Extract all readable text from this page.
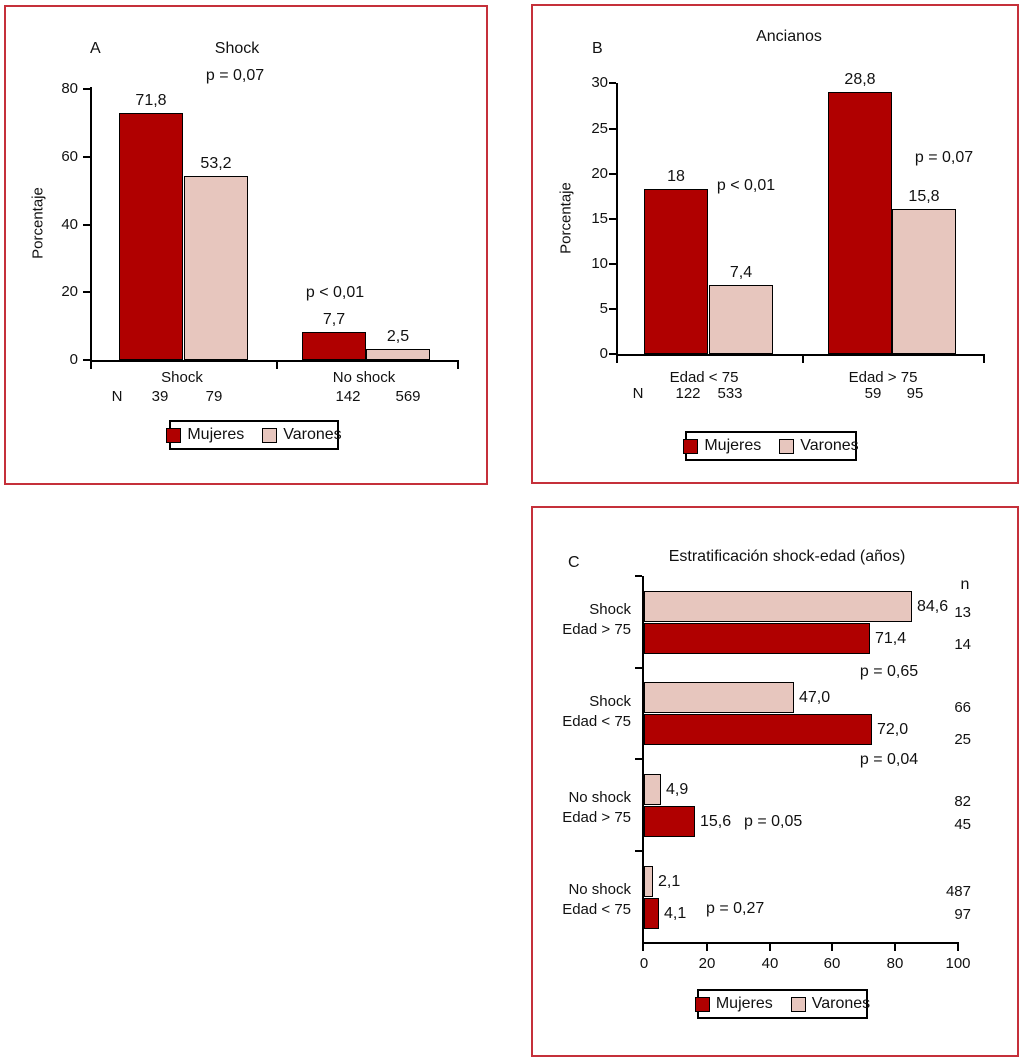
A	Shock
p = 0,07
Porcentaje
80
60
40
20
0
71,8
53,2
7,7
2,5
p < 0,01
Shock	No shock
N 39 79	142 569
Mujeres Varones
B
Ancianos
Porcentaje
30
25
20
15
10
5
0
18
7,4
28,8
15,8
p < 0,01
p = 0,07
Edad < 75	Edad > 75
N 122 533	59 95
Mujeres Varones
C	Estratificación shock-edad (años)
n
84,6
71,4
47,0
72,0
4,9
15,6
2,1
4,1
0	20	40	60	80	100
Shock
Edad > 75
Shock
Edad < 75
No shock
Edad > 75
No shock
Edad < 75
p = 0,65
p = 0,04
p = 0,05
p = 0,27
13
14
66
25
82
45
487
97
Mujeres Varones
